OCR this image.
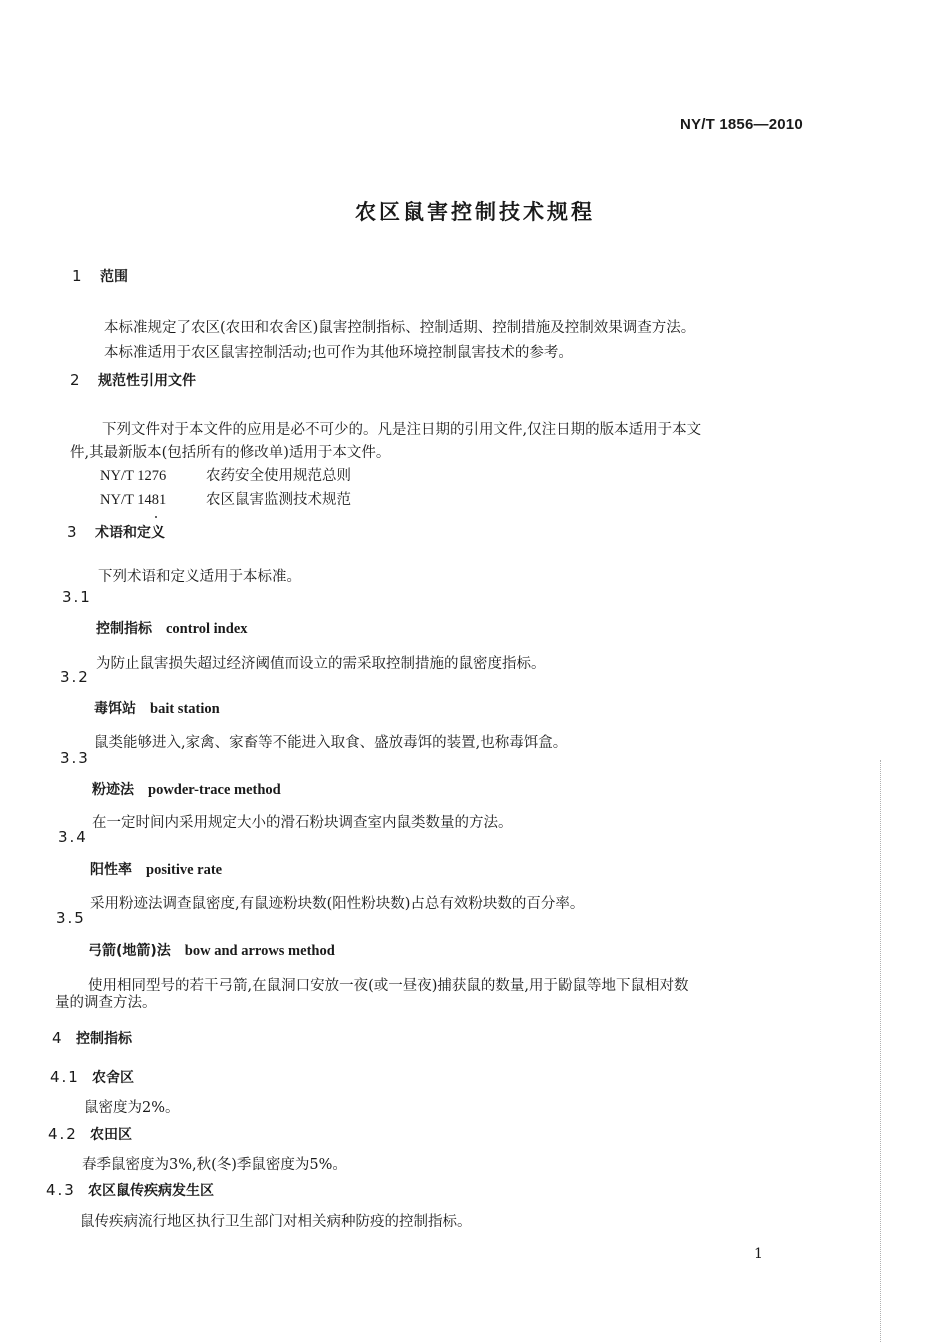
NY/T 1856—2010
农区鼠害控制技术规程
1 范围
本标准规定了农区(农田和农舍区)鼠害控制指标、控制适期、控制措施及控制效果调查方法。
本标准适用于农区鼠害控制活动;也可作为其他环境控制鼠害技术的参考。
2 规范性引用文件
下列文件对于本文件的应用是必不可少的。凡是注日期的引用文件,仅注日期的版本适用于本文
件,其最新版本(包括所有的修改单)适用于本文件。
NY/T 1276	农药安全使用规范总则
NY/T 1481	农区鼠害监测技术规范
3 术语和定义
下列术语和定义适用于本标准。
3.1
控制指标 control index
为防止鼠害损失超过经济阈值而设立的需采取控制措施的鼠密度指标。
3.2
毒饵站 bait station
鼠类能够进入,家禽、家畜等不能进入取食、盛放毒饵的装置,也称毒饵盒。
3.3
粉迹法 powder-trace method
在一定时间内采用规定大小的滑石粉块调查室内鼠类数量的方法。
3.4
阳性率 positive rate
采用粉迹法调查鼠密度,有鼠迹粉块数(阳性粉块数)占总有效粉块数的百分率。
3.5
弓箭(地箭)法 bow and arrows method
使用相同型号的若干弓箭,在鼠洞口安放一夜(或一昼夜)捕获鼠的数量,用于鼢鼠等地下鼠相对数
量的调查方法。
4 控制指标
4.1 农舍区
鼠密度为2%。
4.2 农田区
春季鼠密度为3%,秋(冬)季鼠密度为5%。
4.3 农区鼠传疾病发生区
鼠传疾病流行地区执行卫生部门对相关病种防疫的控制指标。
1
